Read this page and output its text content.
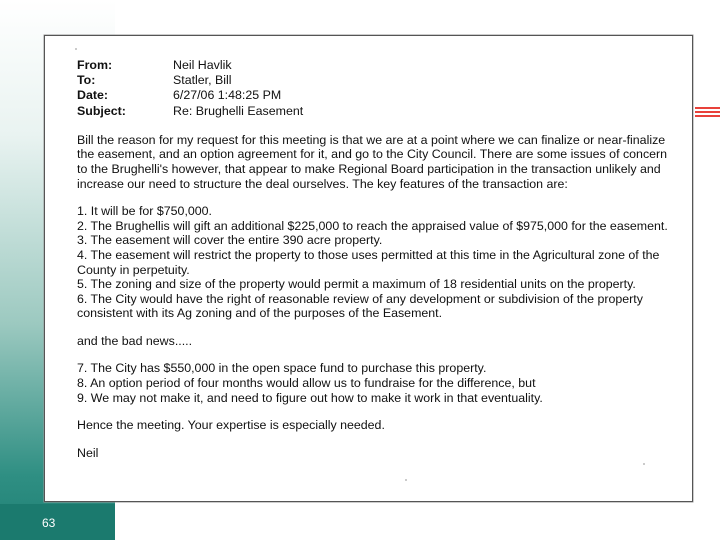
63
From:	Neil Havlik
To:	Statler, Bill
Date:	6/27/06 1:48:25 PM
Subject:	Re: Brughelli Easement

Bill the reason for my request for this meeting is that we are at a point where we can finalize or near-finalize the easement, and an option agreement for it, and go to the City Council. There are some issues of concern to the Brughelli's however, that appear to make Regional Board participation in the transaction unlikely and increase our need to structure the deal ourselves. The key features of the transaction are:

1. It will be for $750,000.

2. The Brughellis will gift an additional $225,000 to reach the appraised value of $975,000 for the easement.

3. The easement will cover the entire 390 acre property.

4. The easement will restrict the property to those uses permitted at this time in the Agricultural zone of the County in perpetuity.

5. The zoning and size of the property would permit a maximum of 18 residential units on the property.

6. The City would have the right of reasonable review of any development or subdivision of the property consistent with its Ag zoning and of the purposes of the Easement.

and the bad news.....

7. The City has $550,000 in the open space fund to purchase this property.

8. An option period of four months would allow us to fundraise for the difference, but

9. We may not make it, and need to figure out how to make it work in that eventuality.

Hence the meeting. Your expertise is especially needed.

Neil
